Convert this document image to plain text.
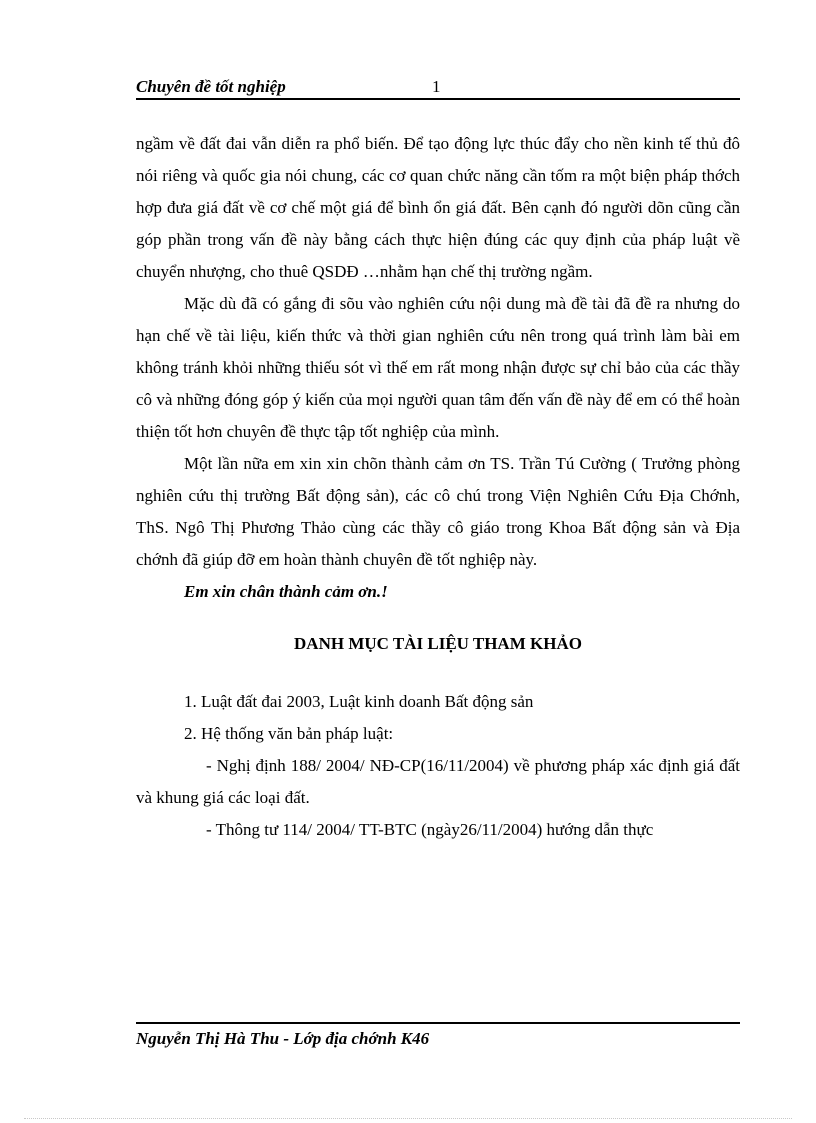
Chuyên đề tốt nghiệp	1

ngầm về đất đai vẫn diễn ra phổ biến. Để tạo động lực thúc đẩy cho nền kinh tế thủ đô nói riêng và quốc gia nói chung, các cơ quan chức năng cần tốm ra một biện pháp thớch hợp đưa giá đất về cơ chế một giá để bình ổn giá đất. Bên cạnh đó người dõn cũng cần góp phần trong vấn đề này bằng cách thực hiện đúng các quy định của pháp luật về chuyển nhượng, cho thuê QSDĐ …nhằm hạn chế thị trường ngầm.

Mặc dù đã có gắng đi sõu vào nghiên cứu nội dung mà đề tài đã đề ra nhưng do hạn chế về tài liệu, kiến thức và thời gian nghiên cứu nên trong quá trình làm bài em không tránh khỏi những thiếu sót vì thế em rất mong nhận được sự chỉ bảo của các thầy cô và những đóng góp ý kiến của mọi người quan tâm đến vấn đề này để em có thể hoàn thiện tốt hơn chuyên đề thực tập tốt nghiệp của mình.

Một lần nữa em xin xin chõn thành cảm ơn TS. Trần Tú Cường ( Trưởng phòng nghiên cứu thị trường Bất động sản), các cô chú trong Viện Nghiên Cứu Địa Chớnh, ThS. Ngô Thị Phương Thảo cùng các thầy cô giáo trong Khoa Bất động sản và Địa chớnh đã giúp đỡ em hoàn thành chuyên đề tốt nghiệp này.

Em xin chân thành cảm ơn.!

DANH MỤC TÀI LIỆU THAM KHẢO

1. Luật đất đai 2003, Luật kinh doanh Bất động sản

2. Hệ thống văn bản pháp luật:

- Nghị định 188/ 2004/ NĐ-CP(16/11/2004) về phương pháp xác định giá đất và khung giá các loại đất.

- Thông tư 114/ 2004/ TT-BTC (ngày26/11/2004) hướng dẫn thực

Nguyễn Thị Hà Thu - Lớp địa chớnh K46
